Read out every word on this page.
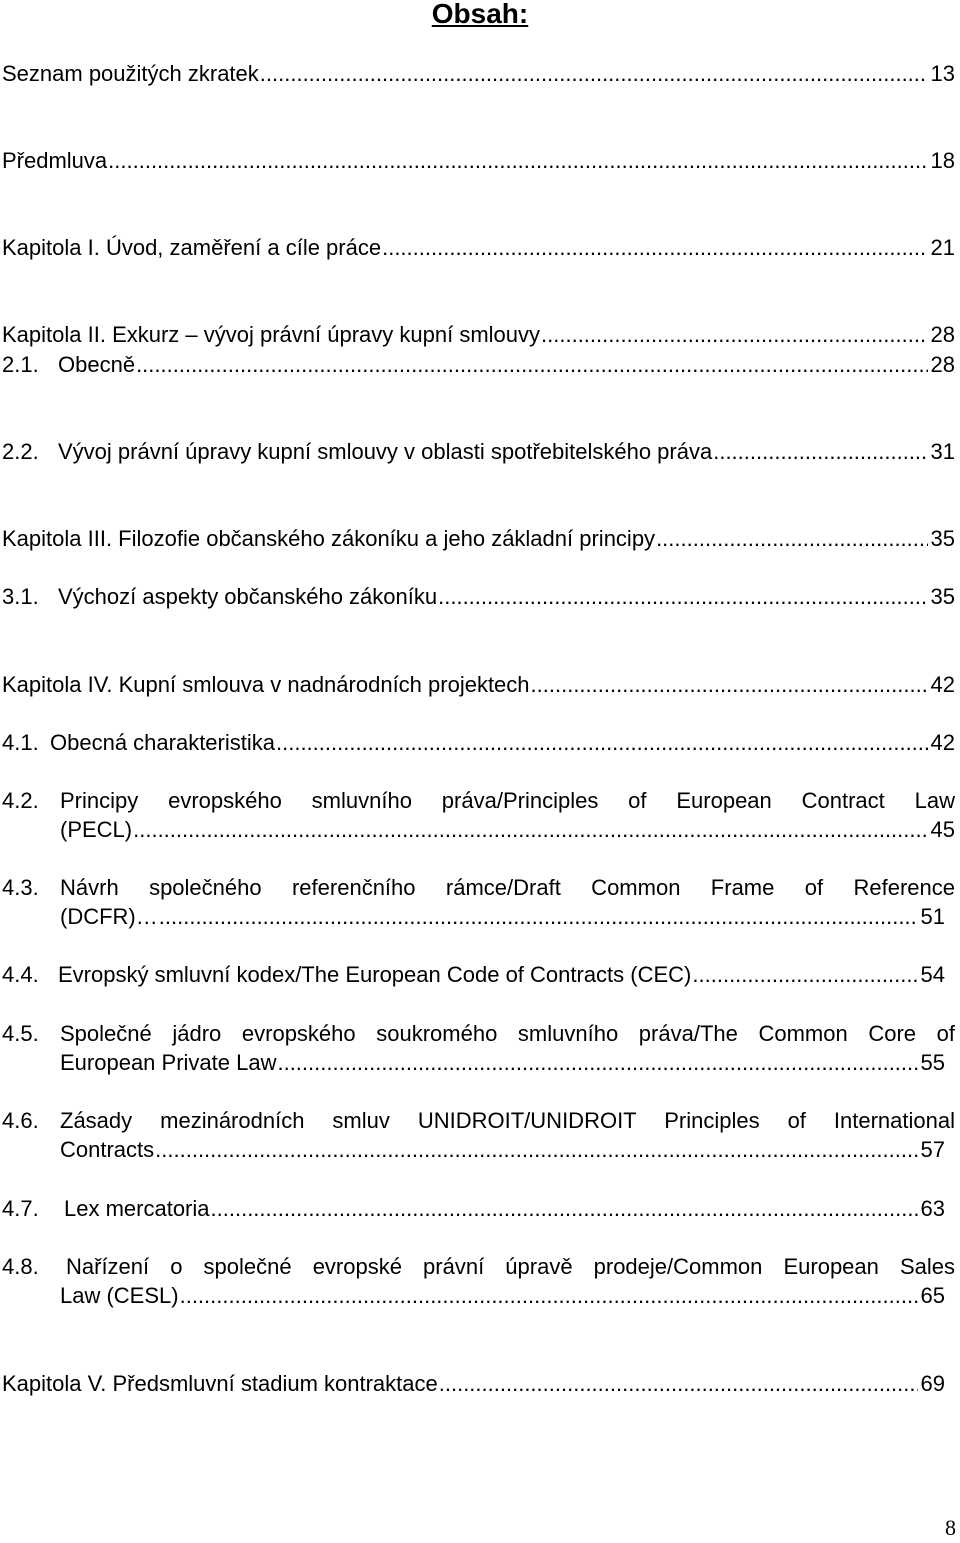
Obsah:
Seznam použitých zkratek .....	13
Předmluva .....	18
Kapitola I. Úvod, zaměření a cíle práce .....	21
Kapitola II. Exkurz – vývoj právní úpravy kupní smlouvy .....	28
2.1. Obecně .....	28
2.2. Vývoj právní úpravy kupní smlouvy v oblasti spotřebitelského práva .....	31
Kapitola III. Filozofie občanského zákoníku a jeho základní principy .....	35
3.1. Výchozí aspekty občanského zákoníku .....	35
Kapitola IV. Kupní smlouva v nadnárodních projektech .....	42
4.1. Obecná charakteristika .....	42
4.2. Principy evropského smluvního práva/Principles of European Contract Law
(PECL) .....	45
4.3. Návrh společného referenčního rámce/Draft Common Frame of Reference
(DCFR)… .....	51
4.4. Evropský smluvní kodex/The European Code of Contracts (CEC) .....	54
4.5. Společné jádro evropského soukromého smluvního práva/The Common Core of
European Private Law .....	55
4.6. Zásady mezinárodních smluv UNIDROIT/UNIDROIT Principles of International
Contracts .....	57
4.7.	Lex mercatoria .....	63
4.8.	Nařízení o společné evropské právní úpravě prodeje/Common European Sales
Law (CESL) .....	65
Kapitola V. Předsmluvní stadium kontraktace .....	69
8
